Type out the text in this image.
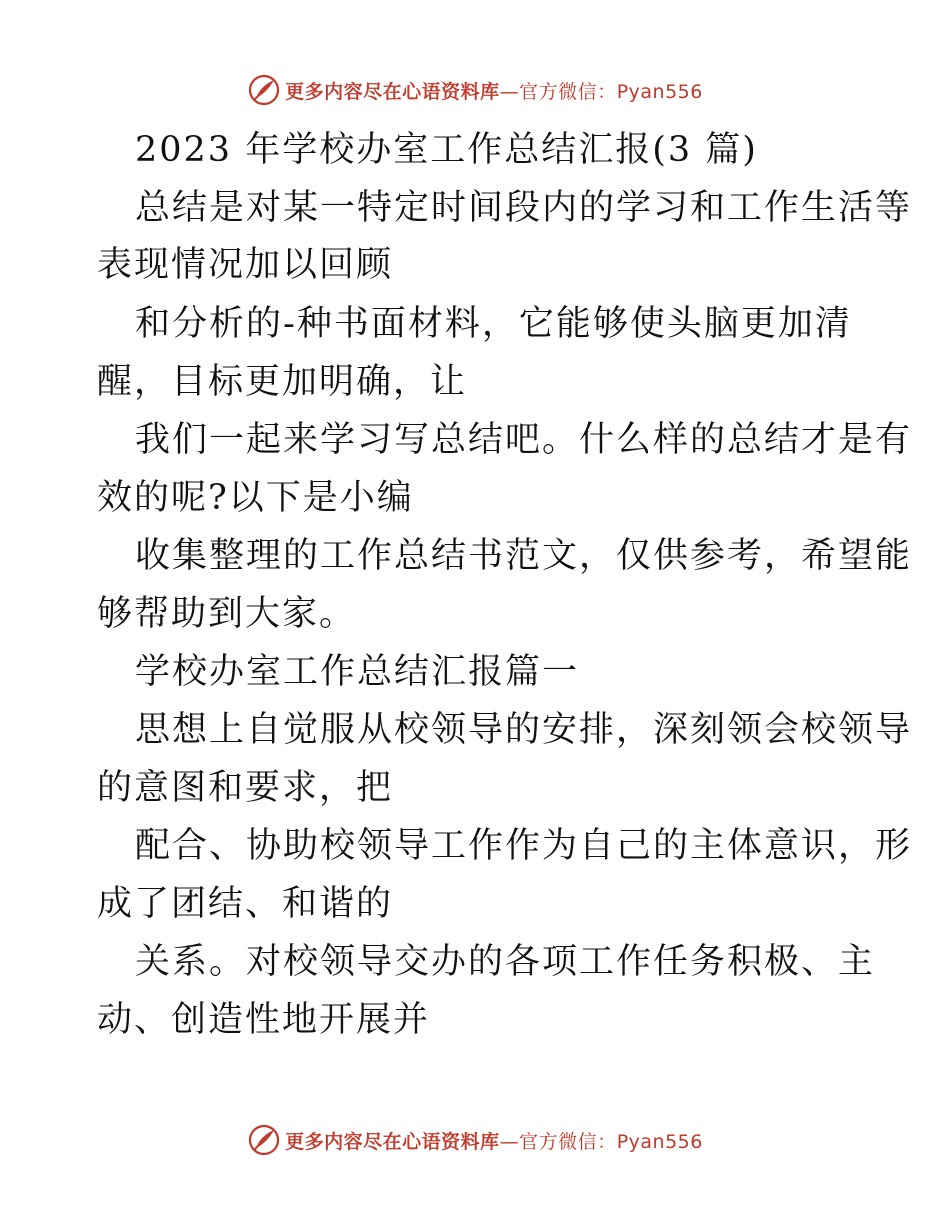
更多内容尽在心语资料库—官方微信：Pyan556
2023 年学校办室工作总结汇报(3 篇)
总结是对某一特定时间段内的学习和工作生活等
表现情况加以回顾
和分析的-种书面材料，它能够使头脑更加清
醒，目标更加明确，让
我们一起来学习写总结吧。什么样的总结才是有
效的呢?以下是小编
收集整理的工作总结书范文，仅供参考，希望能
够帮助到大家。
学校办室工作总结汇报篇一
思想上自觉服从校领导的安排，深刻领会校领导
的意图和要求，把
配合、协助校领导工作作为自己的主体意识，形
成了团结、和谐的
关系。对校领导交办的各项工作任务积极、主
动、创造性地开展并
更多内容尽在心语资料库—官方微信：Pyan556
